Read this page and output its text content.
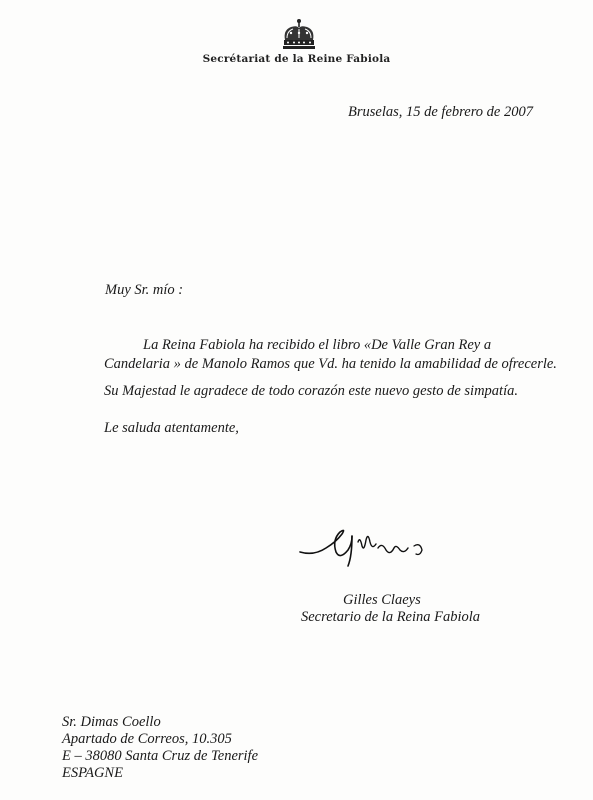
Secrétariat de la Reine Fabiola
Bruselas, 15 de febrero de 2007
Muy Sr. mío :
La Reina Fabiola ha recibido el libro «De Valle Gran Rey a
Candelaria » de Manolo Ramos que Vd. ha tenido la amabilidad de ofrecerle.
Su Majestad le agradece de todo corazón este nuevo gesto de simpatía.
Le saluda atentamente,
Gilles Claeys
Secretario de la Reina Fabiola
Sr. Dimas Coello
Apartado de Correos, 10.305
E – 38080 Santa Cruz de Tenerife
ESPAGNE
